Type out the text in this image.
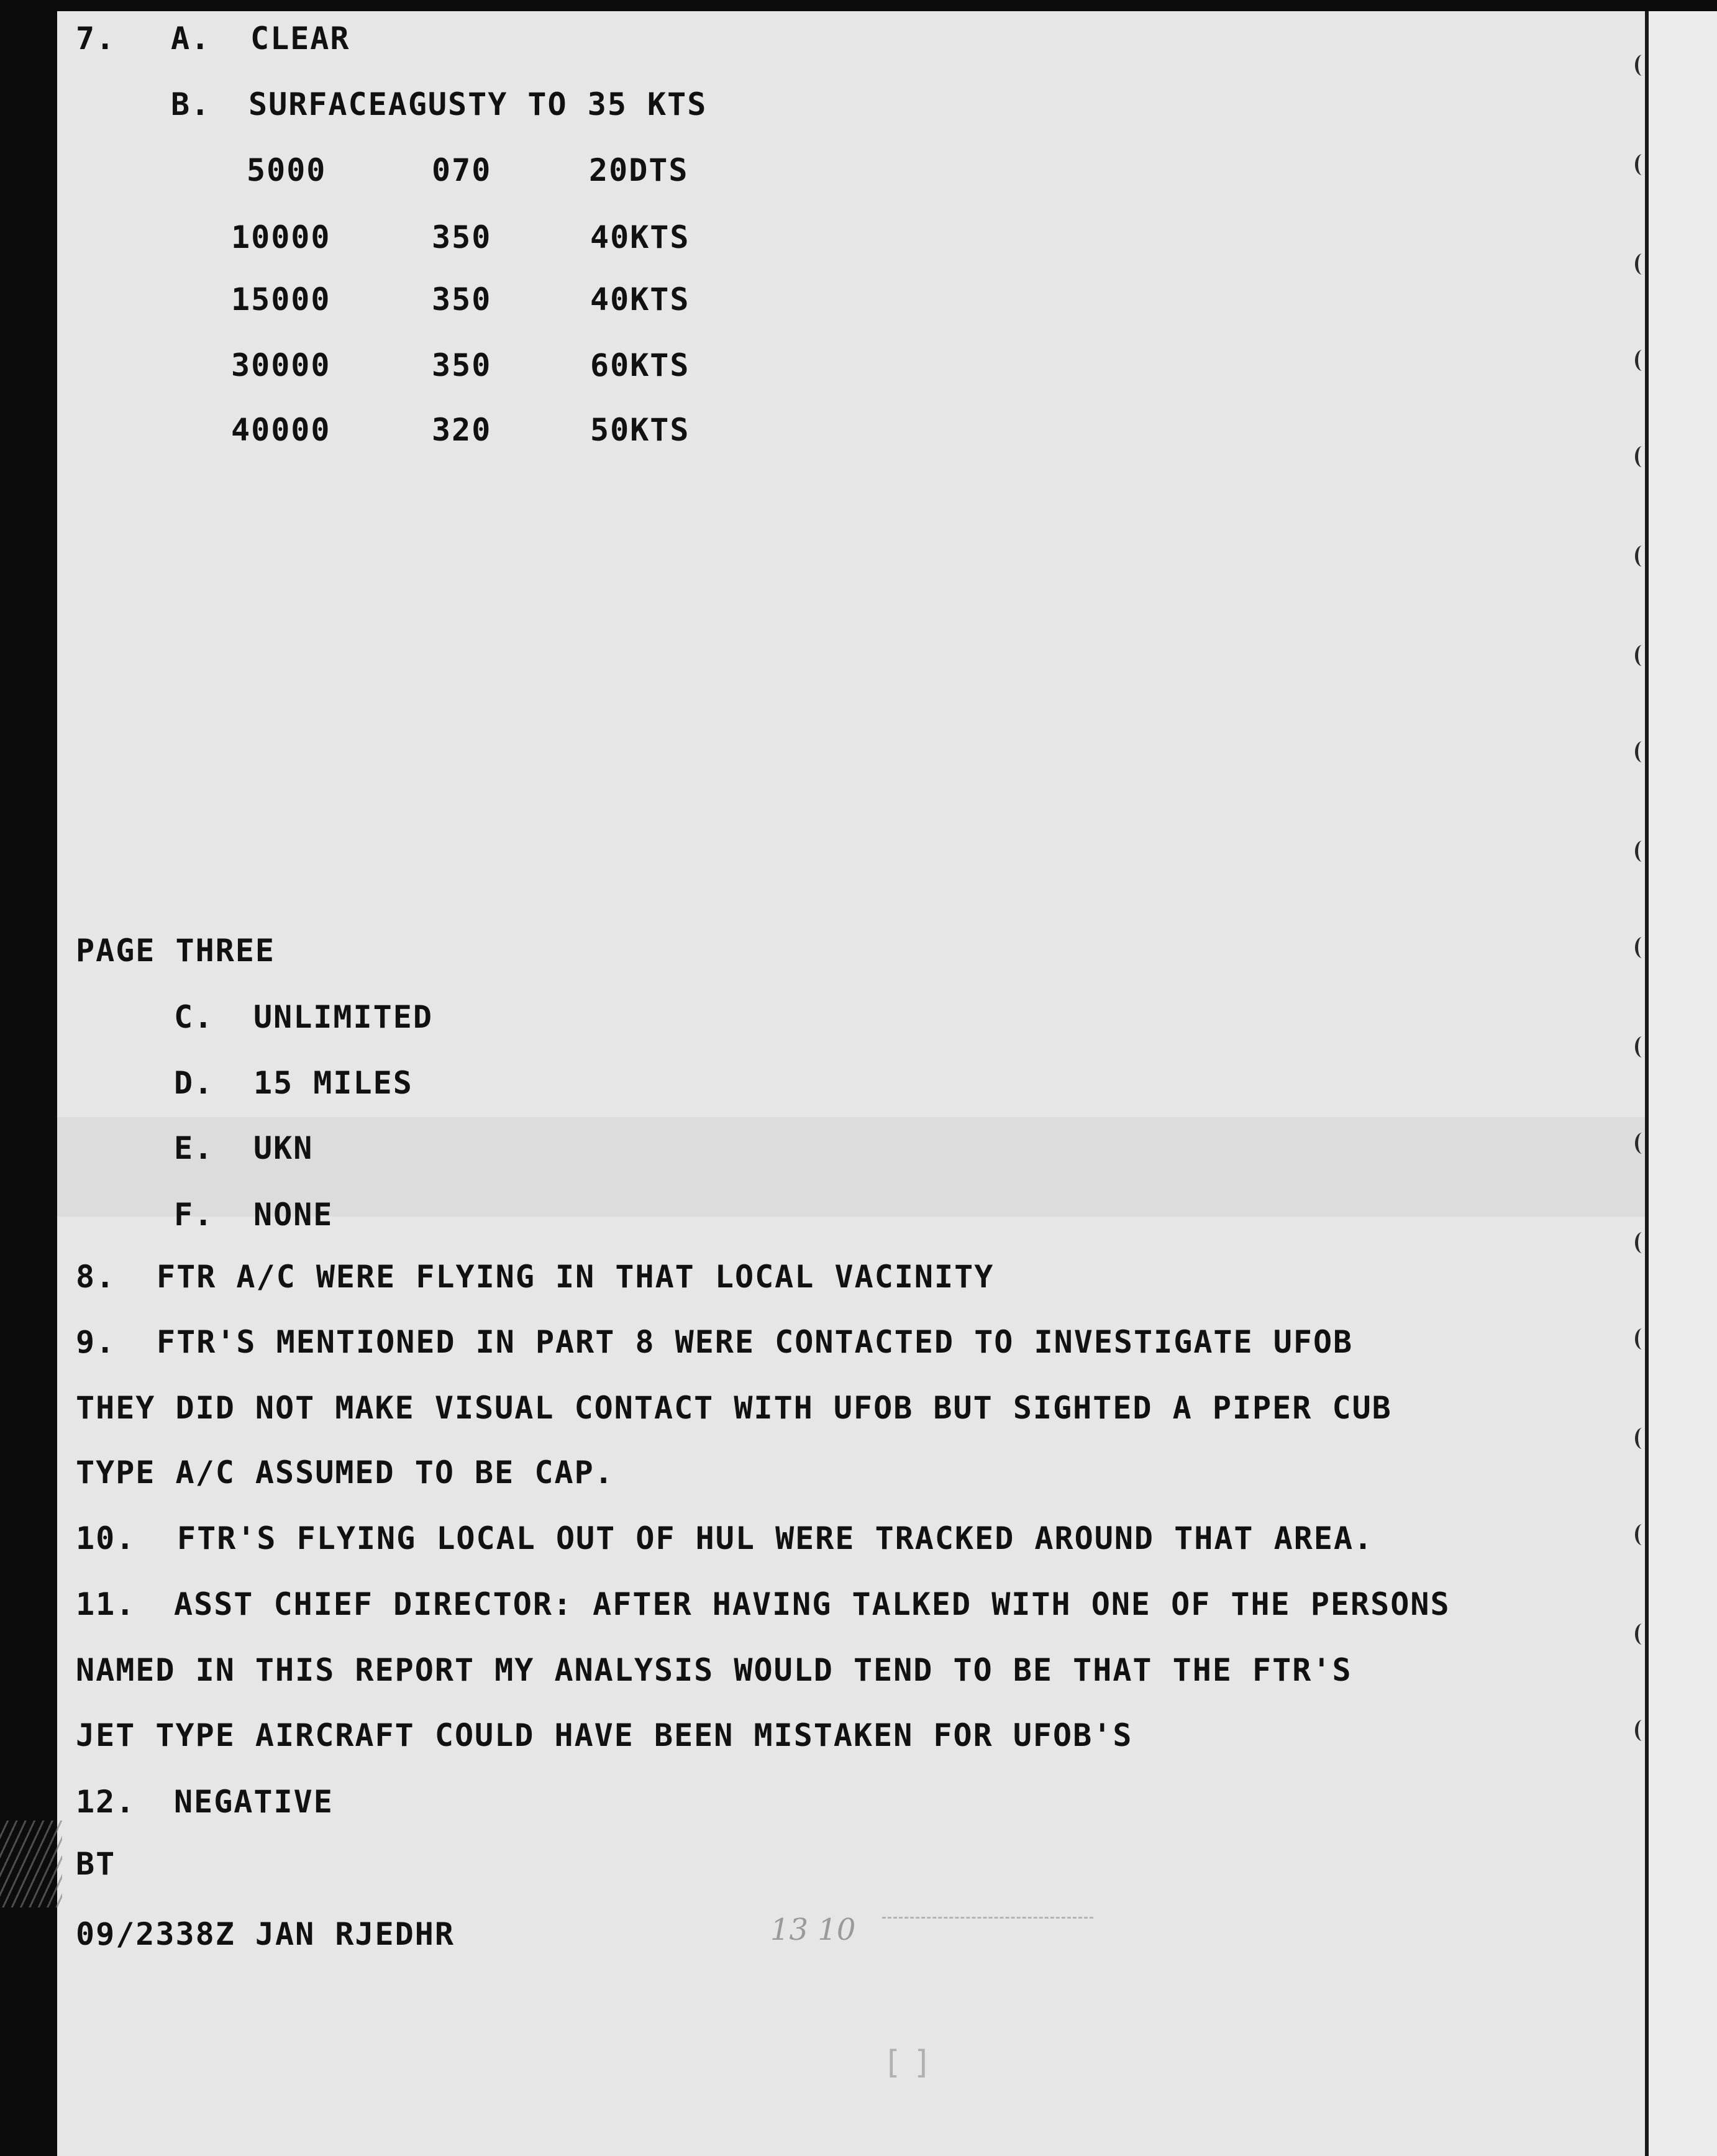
7. A. CLEAR
B. SURFACEAGUSTY TO 35 KTS
5000	070	20DTS
10000	350	40KTS
15000	350	40KTS
30000	350	60KTS
40000	320	50KTS
PAGE THREE
C. UNLIMITED
D. 15 MILES
E. UKN
F. NONE
8. FTR A/C WERE FLYING IN THAT LOCAL VACINITY
9. FTR'S MENTIONED IN PART 8 WERE CONTACTED TO INVESTIGATE UFOB
THEY DID NOT MAKE VISUAL CONTACT WITH UFOB BUT SIGHTED A PIPER CUB
TYPE A/C ASSUMED TO BE CAP.
10. FTR'S FLYING LOCAL OUT OF HUL WERE TRACKED AROUND THAT AREA.
11. ASST CHIEF DIRECTOR: AFTER HAVING TALKED WITH ONE OF THE PERSONS
NAMED IN THIS REPORT MY ANALYSIS WOULD TEND TO BE THAT THE FTR'S
JET TYPE AIRCRAFT COULD HAVE BEEN MISTAKEN FOR UFOB'S
12. NEGATIVE
BT
09/2338Z JAN RJEDHR	13 10
[ ]
